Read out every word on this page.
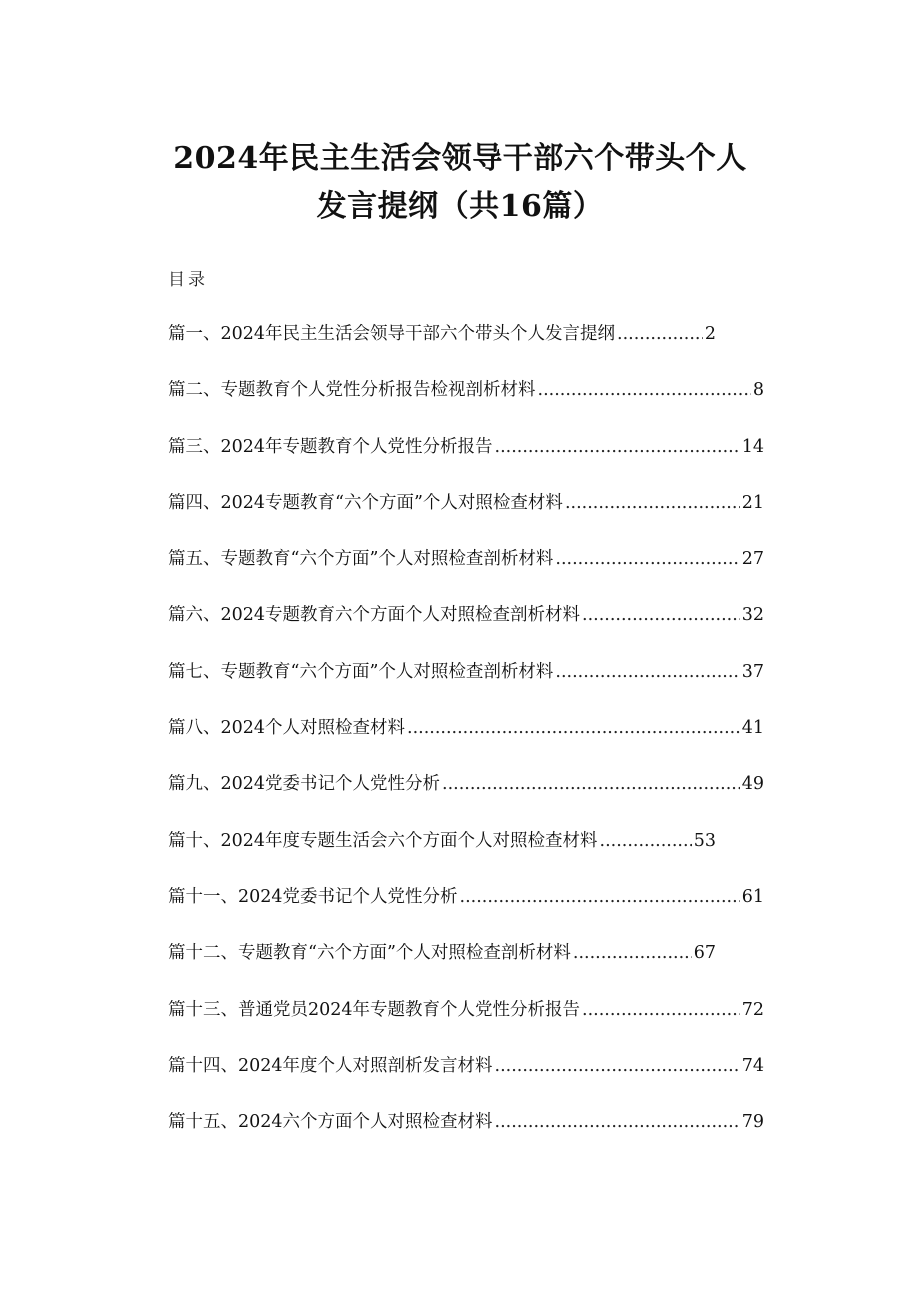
2024年民主生活会领导干部六个带头个人
发言提纲（共16篇）
目录
篇一、2024年民主生活会领导干部六个带头个人发言提纲 .....	2
篇二、专题教育个人党性分析报告检视剖析材料 .....	8
篇三、2024年专题教育个人党性分析报告 .....	14
篇四、2024专题教育“六个方面”个人对照检查材料 .....	21
篇五、专题教育“六个方面”个人对照检查剖析材料 .....	27
篇六、2024专题教育六个方面个人对照检查剖析材料 .....	32
篇七、专题教育“六个方面”个人对照检查剖析材料 .....	37
篇八、2024个人对照检查材料 .....	41
篇九、2024党委书记个人党性分析 .....	49
篇十、2024年度专题生活会六个方面个人对照检查材料 .....	53
篇十一、2024党委书记个人党性分析 .....	61
篇十二、专题教育“六个方面”个人对照检查剖析材料 .....	67
篇十三、普通党员2024年专题教育个人党性分析报告 .....	72
篇十四、2024年度个人对照剖析发言材料 .....	74
篇十五、2024六个方面个人对照检查材料 .....	79
